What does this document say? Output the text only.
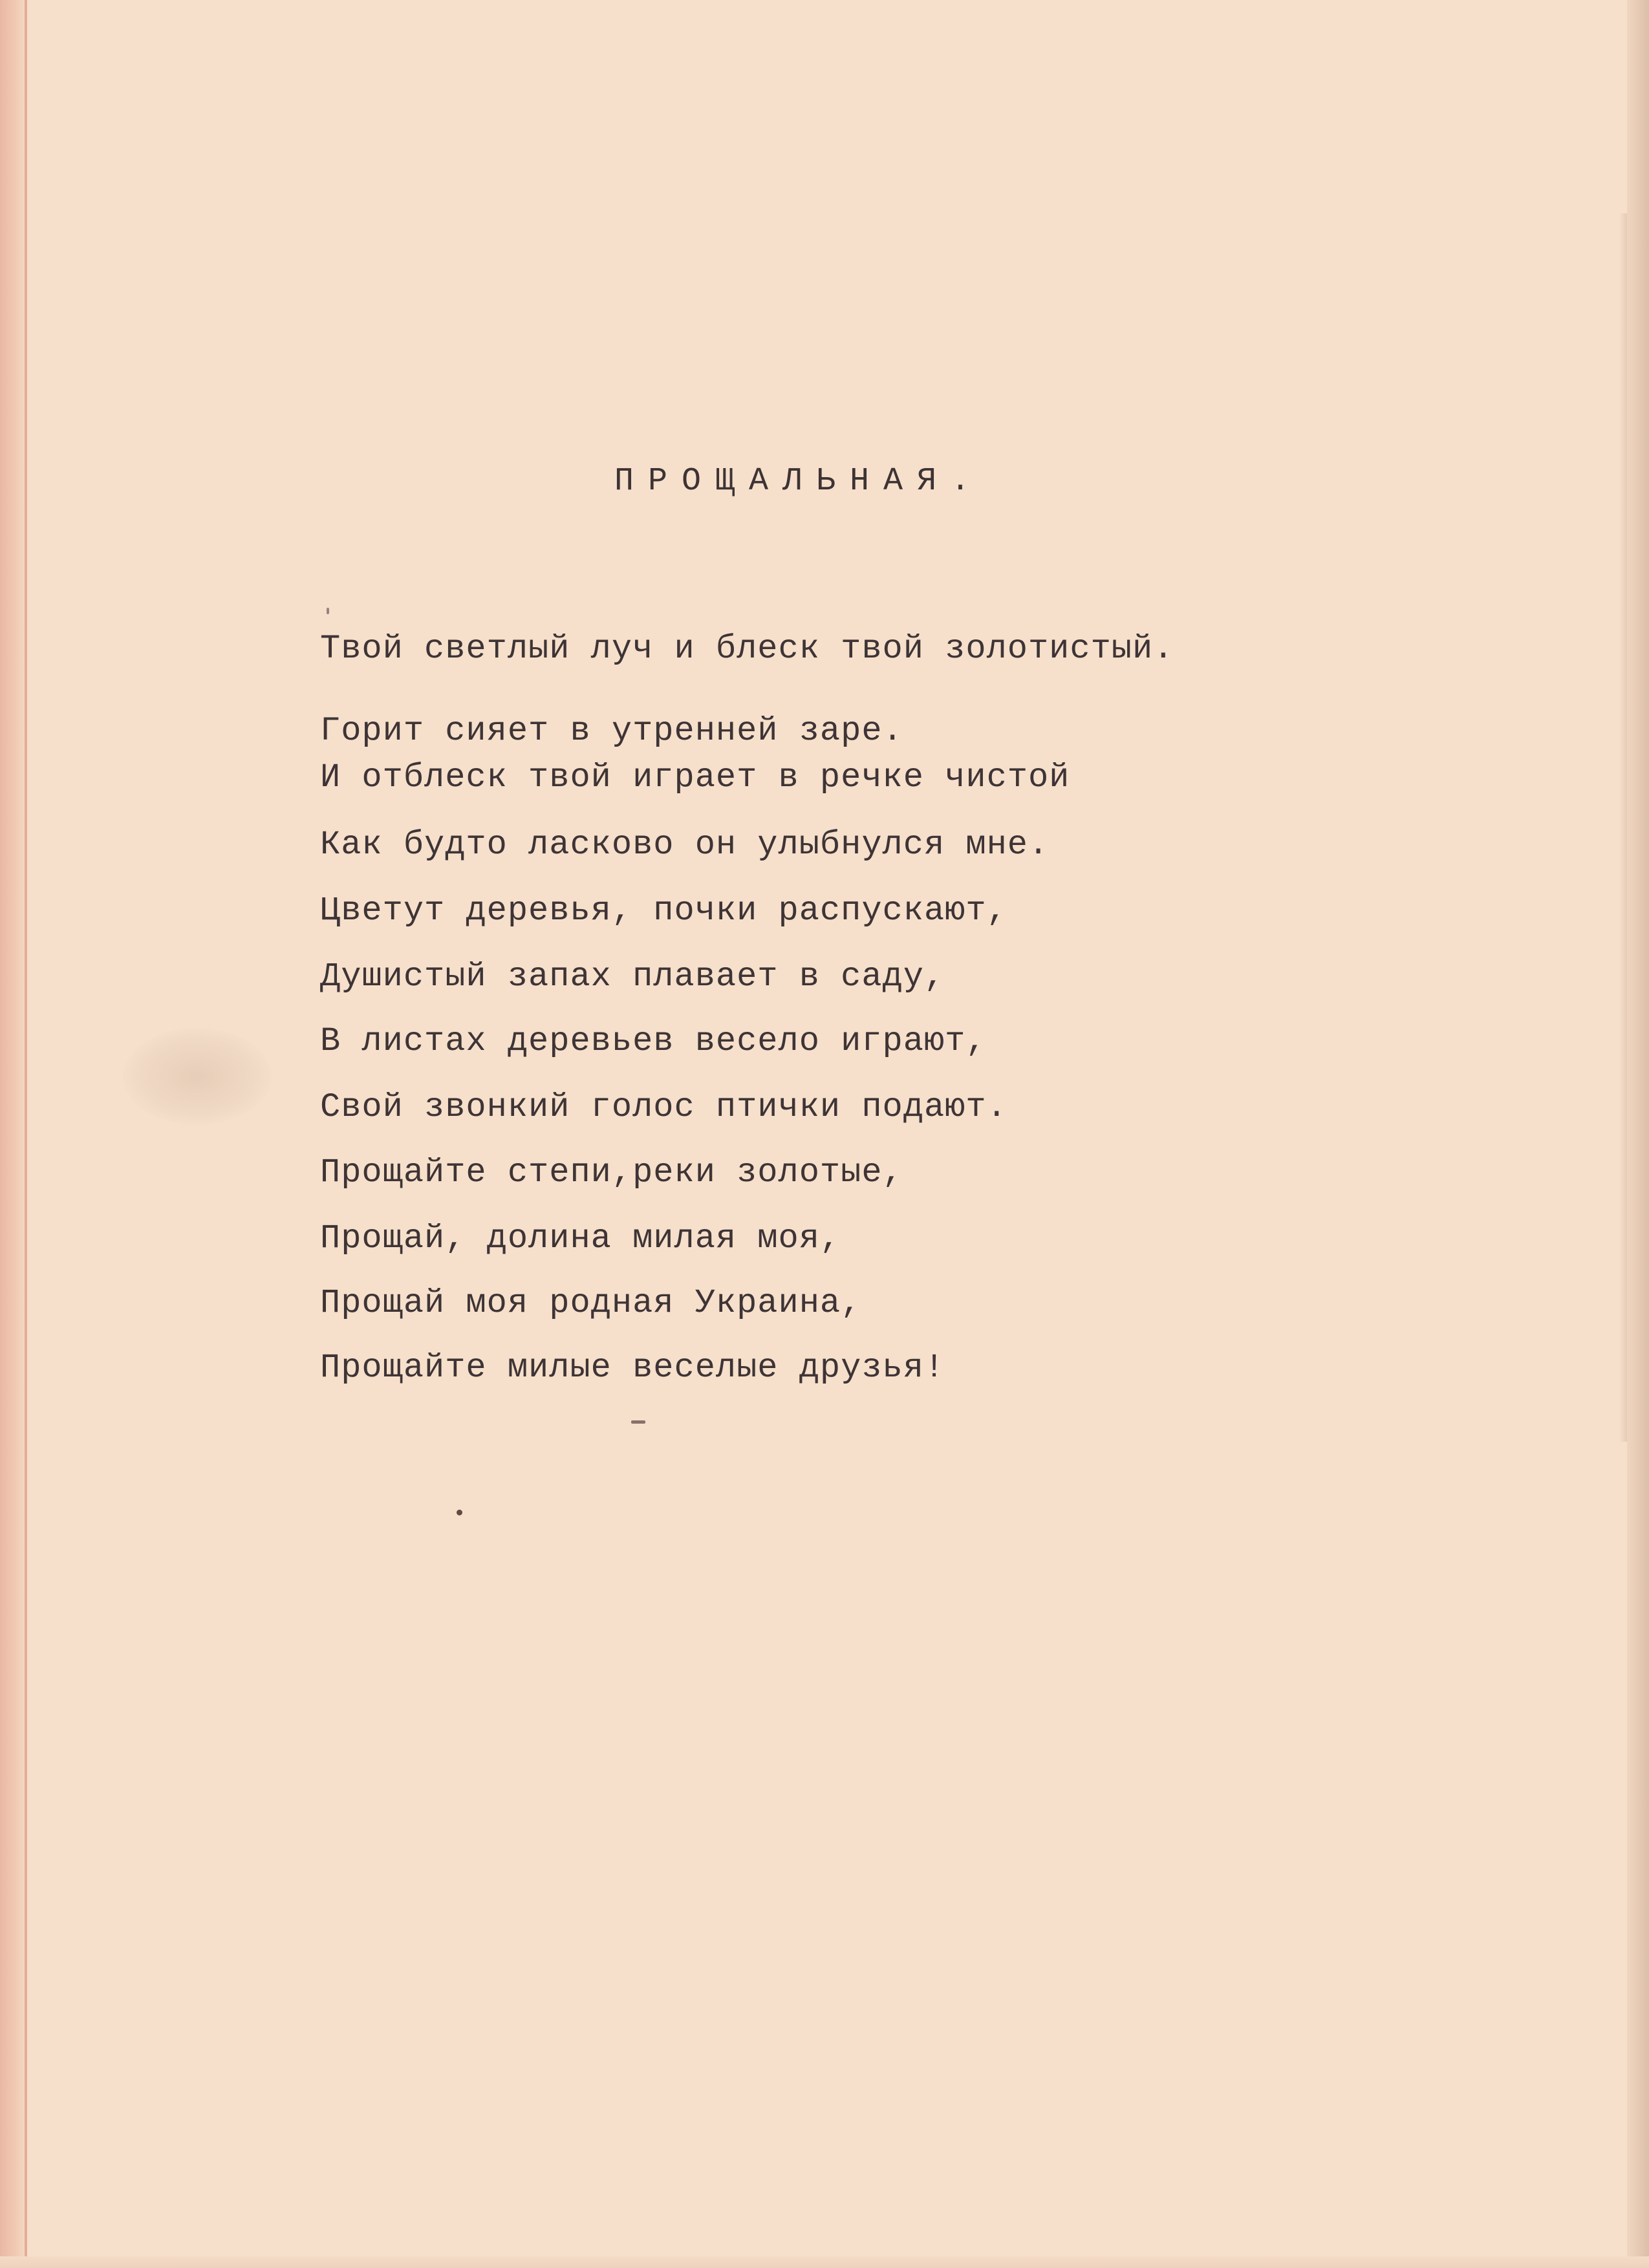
ПРОЩАЛЬНАЯ.
Твой светлый луч и блеск твой золотистый.
Горит сияет в утренней заре.
И отблеск твой играет в речке чистой
Как будто ласково он улыбнулся мне.
Цветут деревья, почки распускают,
Душистый запах плавает в саду,
В листах деревьев весело играют,
Свой звонкий голос птички подают.
Прощайте степи,реки золотые,
Прощай, долина милая моя,
Прощай моя родная Украина,
Прощайте милые веселые друзья!
